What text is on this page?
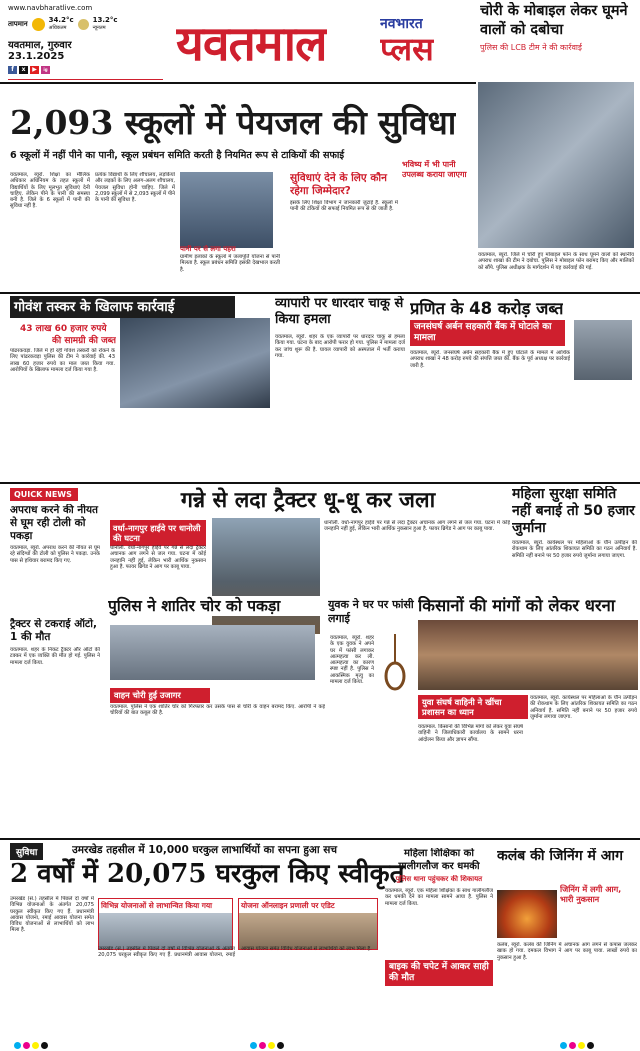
www.navbharatlive.com
तापमान	34.2°c
अधिकतम
13.2°c
न्यूनतम
यवतमाल, गुरुवार
23.1.2025
f	x	▶	ig	यवतमाल	नवभारत
प्लस
चोरी के मोबाइल लेकर घूमने वालों को दबोचा
पुलिस की LCB टीम ने की कार्रवाई
2,093 स्कूलों में पेयजल की सुविधा
6 स्कूलों में नहीं पीने का पानी, स्कूल प्रबंधन समिति करती है नियमित रूप से टाकियों की सफाई
यवतमाल, ब्यूरो. शिक्षा का मौलिक अधिकार अधिनियम के तहत स्कूलों में विद्यार्थियों के लिए मूलभूत सुविधाएं देनी चाहिए. लेकिन पीने के पानी की समस्या बनी है. जिले के 6 स्कूलों में पानी की सुविधा नहीं है.
प्रत्येक विद्यार्थी के लिए शौचालय, लड़कियों और लड़कों के लिए अलग-अलग शौचालय, पेयजल सुविधा होनी चाहिए. जिले में 2,099 स्कूलों में से 2,093 स्कूलों में पीने के पानी की सुविधा है.
पानी पर से लगा पहरा
ग्रामीण इलाकों के स्कूलों में जलापूर्ति योजना से पानी मिलता है. स्कूल प्रबंधन समिति इसकी देखभाल करती है.
सुविधाएं देने के लिए कौन रहेगा जिम्मेदार?
इसके लिए शिक्षा विभाग ने जानकारी जुटाई है. स्कूलों में पानी की टंकियों की सफाई नियमित रूप से की जाती है.
भविष्य में भी पानी उपलब्ध कराया जाएगा
यवतमाल, ब्यूरो. जिले में चोरी हुए मोबाइल फोन के साथ घूमने वालों को स्थानीय अपराध शाखा की टीम ने दबोचा. पुलिस ने मोबाइल फोन बरामद किए और मालिकों को सौंपे. पुलिस अधीक्षक के मार्गदर्शन में यह कार्रवाई की गई.
गोवंश तस्कर के खिलाफ कार्रवाई
43 लाख 60 हजार रुपये
की सामग्री की जब्त
पांढरकवड़ा. जिले में हो रही गोवंश तस्करी को रोकने के लिए पांढरकवड़ा पुलिस की टीम ने कार्रवाई की. 43 लाख 60 हजार रुपये का माल जब्त किया गया. आरोपियों के खिलाफ मामला दर्ज किया गया है.
व्यापारी पर धारदार चाकू से किया हमला
यवतमाल, ब्यूरो. शहर के एक व्यापारी पर धारदार चाकू से हमला किया गया. घटना के बाद आरोपी फरार हो गया. पुलिस ने मामला दर्ज कर जांच शुरू की है. घायल व्यापारी को अस्पताल में भर्ती कराया गया.
प्रणित के 48 करोड़ जब्त
जनसंघर्ष अर्बन सहकारी बैंक में घोटाले का मामला
यवतमाल, ब्यूरो. जनसंघर्ष अर्बन सहकारी बैंक में हुए घोटाले के मामले में आर्थिक अपराध शाखा ने 48 करोड़ रुपये की संपत्ति जब्त की. बैंक के पूर्व अध्यक्ष पर कार्रवाई जारी है.
QUICK NEWS
अपराध करने की नीयत से घूम रही टोली को पकड़ा
यवतमाल, ब्यूरो. अपराध करने की नीयत से घूम रहे संदिग्धों की टोली को पुलिस ने पकड़ा. उनके पास से हथियार बरामद किए गए.
ट्रैक्टर से टकराई ऑटो, 1 की मौत
यवतमाल. शहर के निकट ट्रैक्टर और ऑटो की टक्कर में एक व्यक्ति की मौत हो गई. पुलिस ने मामला दर्ज किया.
गन्ने से लदा ट्रैक्टर धू-धू कर जला
वर्धा-नागपुर हाईवे पर धानोली की घटना
धानोली. वर्धा-नागपुर हाईवे पर गन्ने से लदा ट्रैक्टर अचानक आग लगने से जल गया. घटना में कोई जनहानि नहीं हुई, लेकिन भारी आर्थिक नुकसान हुआ है. फायर ब्रिगेड ने आग पर काबू पाया.
धानोली. वर्धा-नागपुर हाईवे पर गन्ने से लदा ट्रैक्टर अचानक आग लगने से जल गया. घटना में कोई जनहानि नहीं हुई, लेकिन भारी आर्थिक नुकसान हुआ है. फायर ब्रिगेड ने आग पर काबू पाया.
महिला सुरक्षा समिति नहीं बनाई तो 50 हजार जुर्माना
यवतमाल, ब्यूरो. कार्यस्थल पर महिलाओं के यौन उत्पीड़न की रोकथाम के लिए आंतरिक शिकायत समिति का गठन अनिवार्य है. समिति नहीं बनाने पर 50 हजार रुपये जुर्माना लगाया जाएगा.
पुलिस ने शातिर चोर को पकड़ा
वाहन चोरी हुई उजागर
यवतमाल. पुलिस ने एक शातिर चोर को गिरफ्तार कर उसके पास से चोरी के वाहन बरामद किए. आरोपी ने कई चोरियों की बात कबूल की है.
युवक ने घर पर फांसी लगाई
यवतमाल, ब्यूरो. शहर के एक युवक ने अपने घर में फांसी लगाकर आत्महत्या कर ली. आत्महत्या का कारण स्पष्ट नहीं है. पुलिस ने आकस्मिक मृत्यु का मामला दर्ज किया.
किसानों की मांगों को लेकर धरना
युवा संघर्ष वाहिनी ने खींचा प्रशासन का ध्यान
यवतमाल. किसानों की विभिन्न मांगों को लेकर युवा संघर्ष वाहिनी ने जिलाधिकारी कार्यालय के सामने धरना आंदोलन किया और ज्ञापन सौंपा.
यवतमाल, ब्यूरो. कार्यस्थल पर महिलाओं के यौन उत्पीड़न की रोकथाम के लिए आंतरिक शिकायत समिति का गठन अनिवार्य है. समिति नहीं बनाने पर 50 हजार रुपये जुर्माना लगाया जाएगा.
सुविधा	उमरखेड तहसील में 10,000 घरकुल लाभार्थियों का सपना हुआ सच
2 वर्षों में 20,075 घरकुल किए स्वीकृत
उमरखेड (सं.) तहसील में पिछले दो वर्षों में विभिन्न योजनाओं के अंतर्गत 20,075 घरकुल स्वीकृत किए गए हैं. प्रधानमंत्री आवास योजना, रमाई आवास योजना समेत विविध योजनाओं से लाभार्थियों को लाभ मिला है.
विभिन्न योजनाओं से लाभान्वित किया गया	योजना ऑनलाइन प्रणाली पर एडिट
उमरखेड (सं.) तहसील में पिछले दो वर्षों में विभिन्न योजनाओं के अंतर्गत 20,075 घरकुल स्वीकृत किए गए हैं. प्रधानमंत्री आवास योजना, रमाई आवास योजना समेत विविध योजनाओं से लाभार्थियों को लाभ मिला है.
महिला शिक्षिका को गालीगलौज कर धमकी
पुलिस थाना पहुंचकर की शिकायत
यवतमाल, ब्यूरो. एक महिला शिक्षिका के साथ गालीगलौज कर धमकी देने का मामला सामने आया है. पुलिस ने मामला दर्ज किया.
बाइक की चपेट में आकर साही की मौत
कलंब की जिनिंग में आग
जिनिंग में लगी आग, भारी नुकसान
कलंब, ब्यूरो. कलंब की जिनिंग में अचानक आग लगने से कपास जलकर खाक हो गया. दमकल विभाग ने आग पर काबू पाया. लाखों रुपये का नुकसान हुआ है.
